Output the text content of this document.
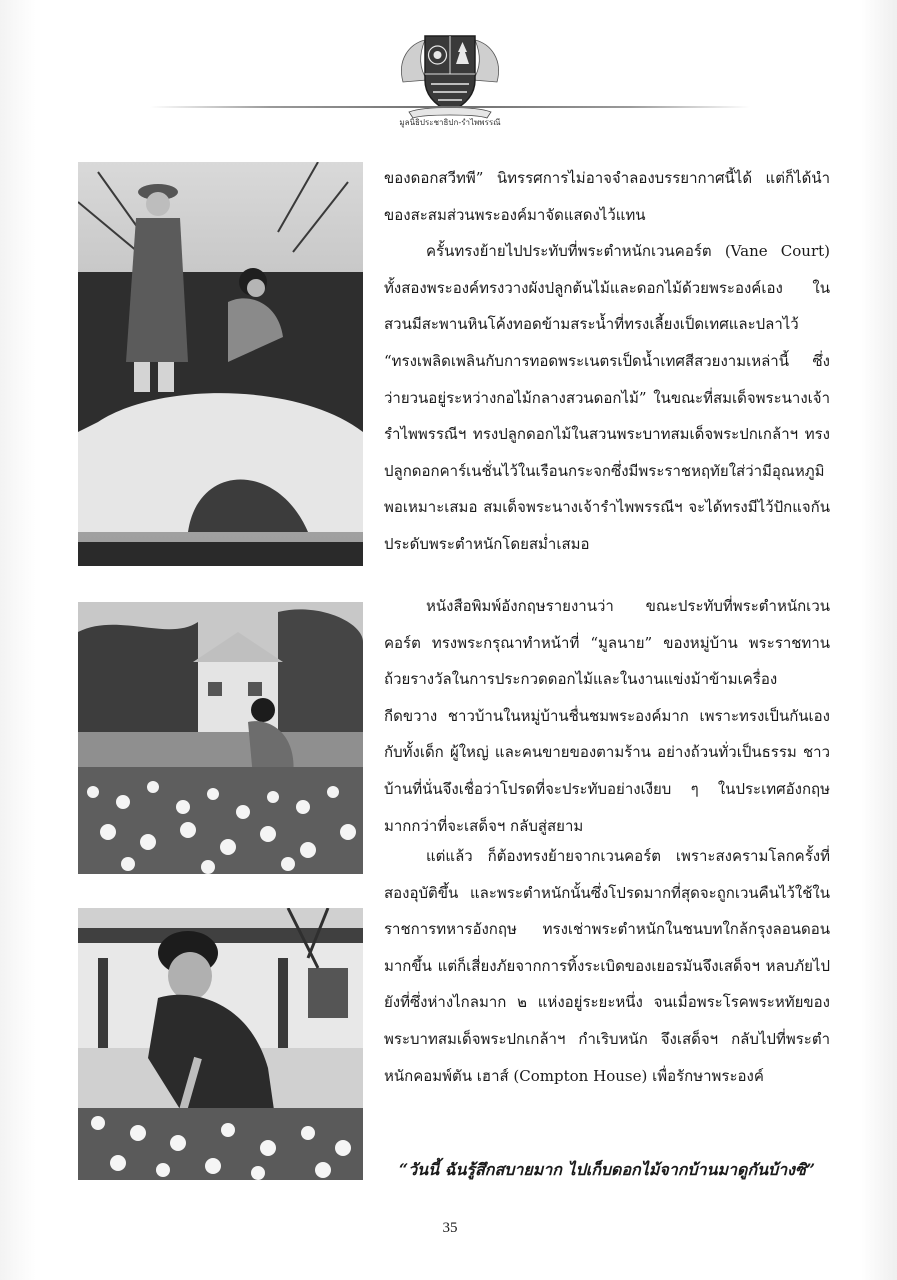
มูลนิธิประชาธิปก-รำไพพรรณี

ของดอกสวีทพี” นิทรรศการไม่อาจจำลองบรรยากาศนี้ได้ แต่ก็ได้นำของสะสมส่วนพระองค์มาจัดแสดงไว้แทน

ครั้นทรงย้ายไปประทับที่พระตำหนักเวนคอร์ต (Vane Court) ทั้งสองพระองค์ทรงวางผังปลูกต้นไม้และดอกไม้ด้วยพระองค์เอง ในสวนมีสะพานหินโค้งทอดข้ามสระน้ำที่ทรงเลี้ยงเป็ดเทศและปลาไว้ “ทรงเพลิดเพลินกับการทอดพระเนตรเป็ดน้ำเทศสีสวยงามเหล่านี้ ซึ่งว่ายวนอยู่ระหว่างกอไม้กลางสวนดอกไม้” ในขณะที่สมเด็จพระนางเจ้ารำไพพรรณีฯ ทรงปลูกดอกไม้ในสวนพระบาทสมเด็จพระปกเกล้าฯ ทรงปลูกดอกคาร์เนชั่นไว้ในเรือนกระจกซึ่งมีพระราชหฤทัยใส่ว่ามีอุณหภูมิพอเหมาะเสมอ สมเด็จพระนางเจ้ารำไพพรรณีฯ จะได้ทรงมีไว้ปักแจกันประดับพระตำหนักโดยสม่ำเสมอ

หนังสือพิมพ์อังกฤษรายงานว่า ขณะประทับที่พระตำหนักเวนคอร์ต ทรงพระกรุณาทำหน้าที่ “มูลนาย” ของหมู่บ้าน พระราชทานถ้วยรางวัลในการประกวดดอกไม้และในงานแข่งม้าข้ามเครื่องกีดขวาง ชาวบ้านในหมู่บ้านชื่นชมพระองค์มาก เพราะทรงเป็นกันเองกับทั้งเด็ก ผู้ใหญ่ และคนขายของตามร้าน อย่างถ้วนทั่วเป็นธรรม ชาวบ้านที่นั่นจึงเชื่อว่าโปรดที่จะประทับอย่างเงียบ ๆ ในประเทศอังกฤษมากกว่าที่จะเสด็จฯ กลับสู่สยาม

แต่แล้ว ก็ต้องทรงย้ายจากเวนคอร์ต เพราะสงครามโลกครั้งที่สองอุบัติขึ้น และพระตำหนักนั้นซึ่งโปรดมากที่สุดจะถูกเวนคืนไว้ใช้ในราชการทหารอังกฤษ ทรงเช่าพระตำหนักในชนบทใกล้กรุงลอนดอนมากขึ้น แต่ก็เสี่ยงภัยจากการทิ้งระเบิดของเยอรมันจึงเสด็จฯ หลบภัยไปยังที่ซึ่งห่างไกลมาก ๒ แห่งอยู่ระยะหนึ่ง จนเมื่อพระโรคพระหทัยของพระบาทสมเด็จพระปกเกล้าฯ กำเริบหนัก จึงเสด็จฯ กลับไปที่พระตำหนักคอมพ์ตัน เฮาส์ (Compton House) เพื่อรักษาพระองค์

“วันนี้ ฉันรู้สึกสบายมาก ไปเก็บดอกไม้จากบ้านมาดูกันบ้างซิ”
35
